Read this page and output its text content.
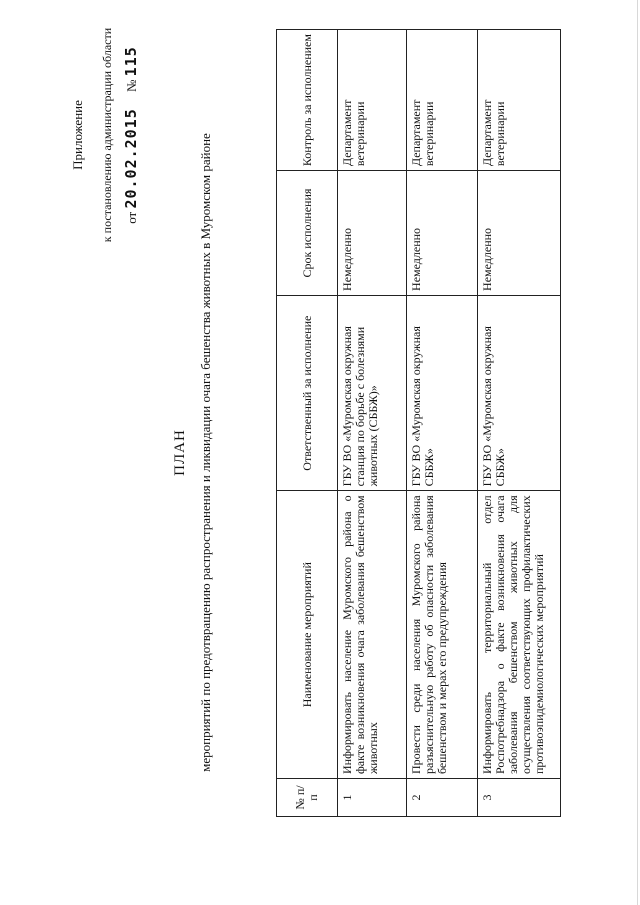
Приложение к постановлению администрации области от 20.02.2015     № 115
ПЛАН мероприятий по предотвращению распространения и ликвидации очага бешенства животных в Муромском районе
№ п/п	Наименование мероприятий	Ответственный за исполнение	Срок исполнения	Контроль за исполнением
1	Информировать население Муромского района о факте возникновения очага заболевания бешенством животных	ГБУ ВО «Муромская окружная станция по борьбе с болезнями животных (СББЖ)»	Немедленно	Департамент ветеринарии
2	Провести среди населения Муромского района разъяснительную работу об опасности заболевания бешенством и мерах его предупреждения	ГБУ ВО «Муромская окружная СББЖ»	Немедленно	Департамент ветеринарии
3	Информировать территориальный отдел Роспотребнадзора о факте возникновения очага заболевания бешенством животных для осуществления соответствующих профилактических противоэпидемиологических мероприятий	ГБУ ВО «Муромская окружная СББЖ»	Немедленно	Департамент ветеринарии
